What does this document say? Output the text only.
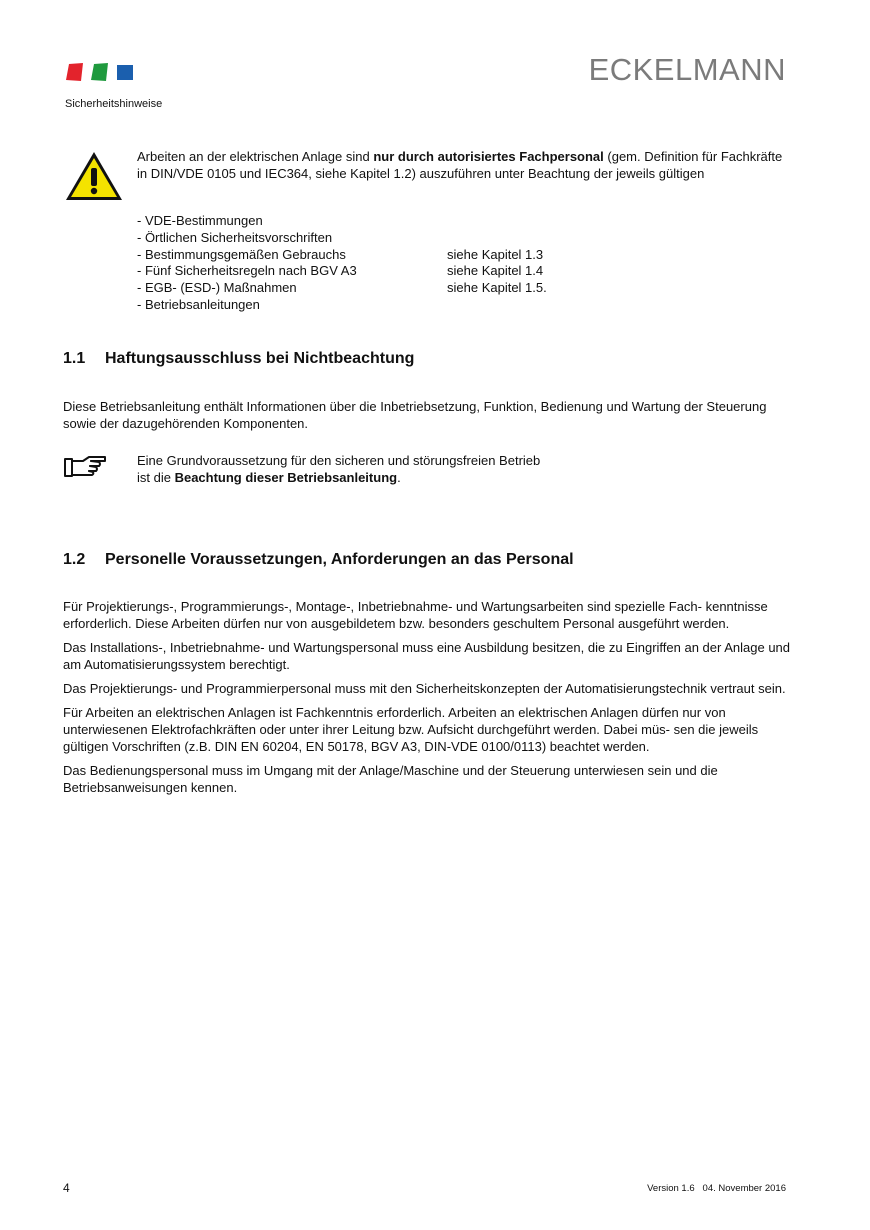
ECKELMANN
Sicherheitshinweise

Arbeiten an der elektrischen Anlage sind nur durch autorisiertes Fachpersonal (gem. Definition für Fachkräfte in DIN/VDE 0105 und IEC364, siehe Kapitel 1.2) auszuführen unter Beachtung der jeweils gültigen

- VDE-Bestimmungen
- Örtlichen Sicherheitsvorschriften
- Bestimmungsgemäßen Gebrauchs	siehe Kapitel 1.3
- Fünf Sicherheitsregeln nach BGV A3	siehe Kapitel 1.4
- EGB- (ESD-) Maßnahmen	siehe Kapitel 1.5.
- Betriebsanleitungen
1.1 Haftungsausschluss bei Nichtbeachtung

Diese Betriebsanleitung enthält Informationen über die Inbetriebsetzung, Funktion, Bedienung und Wartung der Steuerung sowie der dazugehörenden Komponenten.

Eine Grundvoraussetzung für den sicheren und störungsfreien Betrieb
ist die Beachtung dieser Betriebsanleitung.
1.2 Personelle Voraussetzungen, Anforderungen an das Personal

Für Projektierungs-, Programmierungs-, Montage-, Inbetriebnahme- und Wartungsarbeiten sind spezielle Fach- kenntnisse erforderlich. Diese Arbeiten dürfen nur von ausgebildetem bzw. besonders geschultem Personal ausgeführt werden.

Das Installations-, Inbetriebnahme- und Wartungspersonal muss eine Ausbildung besitzen, die zu Eingriffen an der Anlage und am Automatisierungssystem berechtigt.

Das Projektierungs- und Programmierpersonal muss mit den Sicherheitskonzepten der Automatisierungstechnik vertraut sein.

Für Arbeiten an elektrischen Anlagen ist Fachkenntnis erforderlich. Arbeiten an elektrischen Anlagen dürfen nur von unterwiesenen Elektrofachkräften oder unter ihrer Leitung bzw. Aufsicht durchgeführt werden. Dabei müs- sen die jeweils gültigen Vorschriften (z.B. DIN EN 60204, EN 50178, BGV A3, DIN-VDE 0100/0113) beachtet werden.

Das Bedienungspersonal muss im Umgang mit der Anlage/Maschine und der Steuerung unterwiesen sein und die Betriebsanweisungen kennen.

4	Version 1.6   04. November 2016
